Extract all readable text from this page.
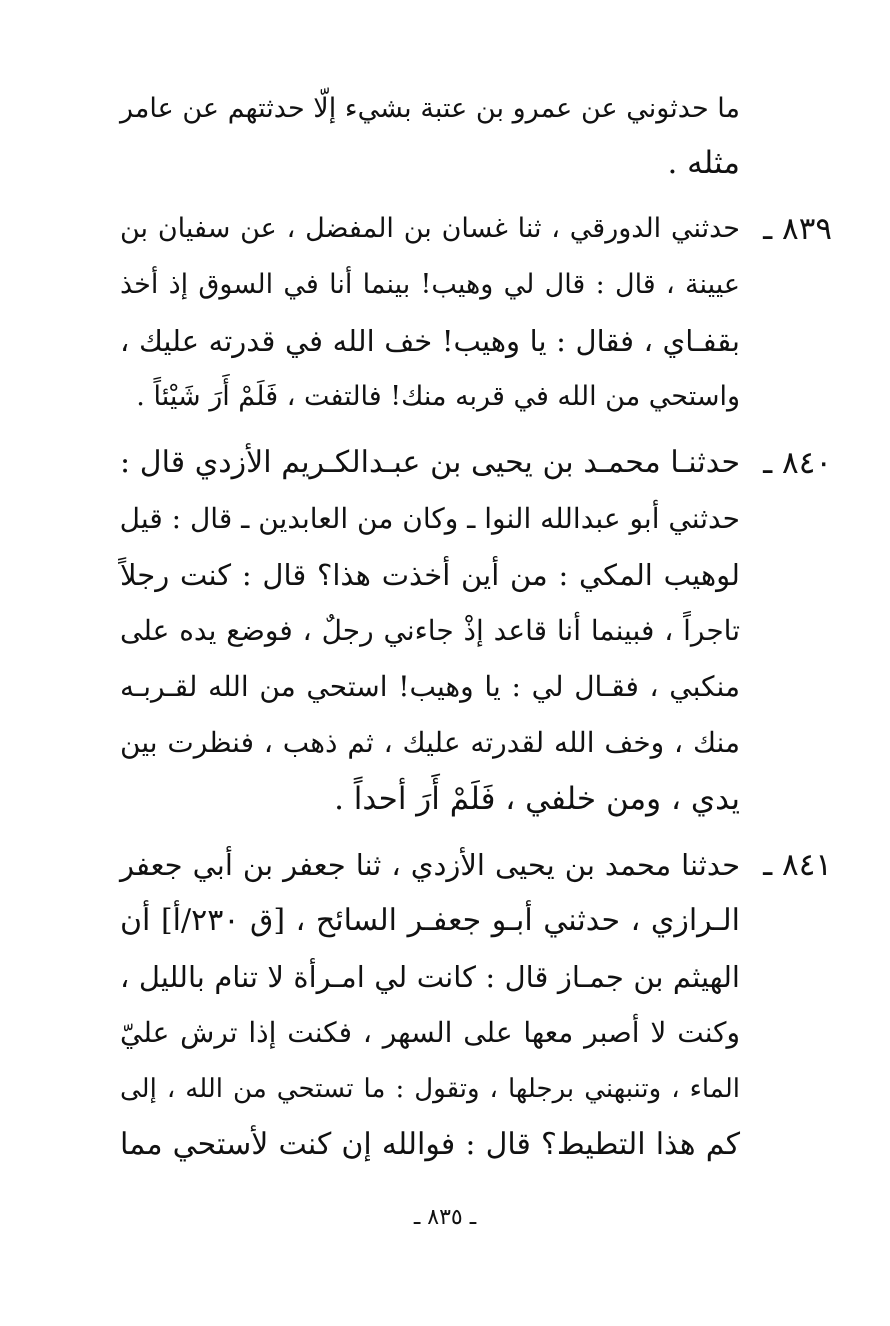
ما حدثوني عن عمرو بن عتبة بشيء إلّا حدثتهم عن عامر
مثله .
٨٣٩ ـ
حدثني الدورقي ، ثنا غسان بن المفضل ، عن سفيان بن
عيينة ، قال : قال لي وهيب! بينما أنا في السوق إذ أخذ
بقفـاي ، فقال : يا وهيب! خف الله في قدرته عليك ،
واستحي من الله في قربه منك! فالتفت ، فَلَمْ أَرَ شَيْئاً .
٨٤٠ ـ
حدثنـا محمـد بن يحيى بن عبـدالكـريم الأزدي قال :
حدثني أبو عبدالله النوا ـ وكان من العابدين ـ قال : قيل
لوهيب المكي : من أين أخذت هذا؟ قال : كنت رجلاً
تاجراً ، فبينما أنا قاعد إذْ جاءني رجلٌ ، فوضع يده على
منكبي ، فقـال لي : يا وهيب! استحي من الله لقـربـه
منك ، وخف الله لقدرته عليك ، ثم ذهب ، فنظرت بين
يدي ، ومن خلفي ، فَلَمْ أَرَ أحداً .
٨٤١ ـ
حدثنا محمد بن يحيى الأزدي ، ثنا جعفر بن أبي جعفر
الـرازي ، حدثني أبـو جعفـر السائح ، [ق ٢٣٠/أ] أن
الهيثم بن جمـاز قال : كانت لي امـرأة لا تنام بالليل ،
وكنت لا أصبر معها على السهر ، فكنت إذا ترش عليّ
الماء ، وتنبهني برجلها ، وتقول : ما تستحي من الله ، إلى
كم هذا التطيط؟ قال : فوالله إن كنت لأستحي مما
ـ ٨٣٥ ـ
